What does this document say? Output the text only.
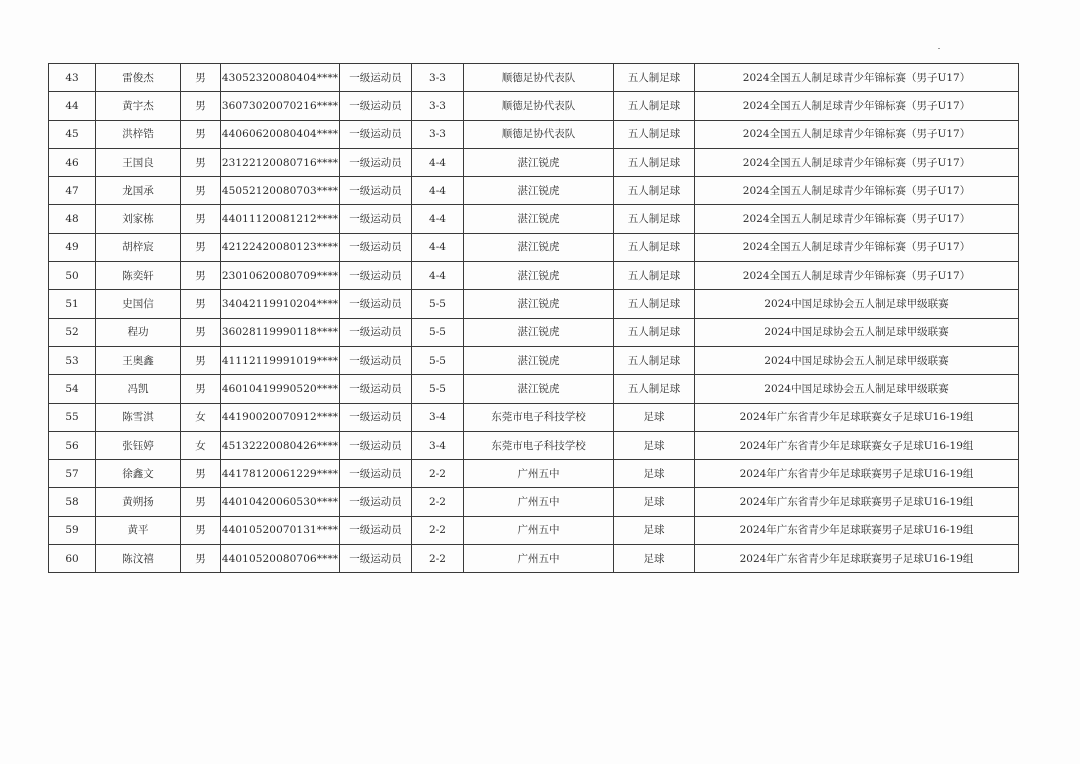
43	雷俊杰	男	43052320080404****	一级运动员	3-3	顺德足协代表队	五人制足球	2024全国五人制足球青少年锦标赛（男子U17）
44	黄宇杰	男	36073020070216****	一级运动员	3-3	顺德足协代表队	五人制足球	2024全国五人制足球青少年锦标赛（男子U17）
45	洪梓锆	男	44060620080404****	一级运动员	3-3	顺德足协代表队	五人制足球	2024全国五人制足球青少年锦标赛（男子U17）
46	王国良	男	23122120080716****	一级运动员	4-4	湛江锐虎	五人制足球	2024全国五人制足球青少年锦标赛（男子U17）
47	龙国承	男	45052120080703****	一级运动员	4-4	湛江锐虎	五人制足球	2024全国五人制足球青少年锦标赛（男子U17）
48	刘家栋	男	44011120081212****	一级运动员	4-4	湛江锐虎	五人制足球	2024全国五人制足球青少年锦标赛（男子U17）
49	胡梓宸	男	42122420080123****	一级运动员	4-4	湛江锐虎	五人制足球	2024全国五人制足球青少年锦标赛（男子U17）
50	陈奕轩	男	23010620080709****	一级运动员	4-4	湛江锐虎	五人制足球	2024全国五人制足球青少年锦标赛（男子U17）
51	史国信	男	34042119910204****	一级运动员	5-5	湛江锐虎	五人制足球	2024中国足球协会五人制足球甲级联赛
52	程功	男	36028119990118****	一级运动员	5-5	湛江锐虎	五人制足球	2024中国足球协会五人制足球甲级联赛
53	王奥鑫	男	41112119991019****	一级运动员	5-5	湛江锐虎	五人制足球	2024中国足球协会五人制足球甲级联赛
54	冯凯	男	46010419990520****	一级运动员	5-5	湛江锐虎	五人制足球	2024中国足球协会五人制足球甲级联赛
55	陈雪淇	女	44190020070912****	一级运动员	3-4	东莞市电子科技学校	足球	2024年广东省青少年足球联赛女子足球U16-19组
56	张钰婷	女	45132220080426****	一级运动员	3-4	东莞市电子科技学校	足球	2024年广东省青少年足球联赛女子足球U16-19组
57	徐鑫文	男	44178120061229****	一级运动员	2-2	广州五中	足球	2024年广东省青少年足球联赛男子足球U16-19组
58	黄朔扬	男	44010420060530****	一级运动员	2-2	广州五中	足球	2024年广东省青少年足球联赛男子足球U16-19组
59	黄平	男	44010520070131****	一级运动员	2-2	广州五中	足球	2024年广东省青少年足球联赛男子足球U16-19组
60	陈汶禧	男	44010520080706****	一级运动员	2-2	广州五中	足球	2024年广东省青少年足球联赛男子足球U16-19组
